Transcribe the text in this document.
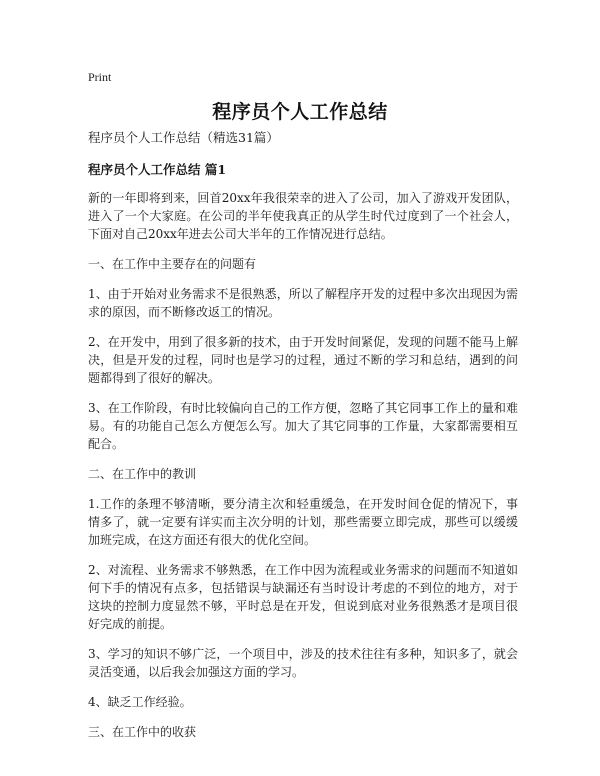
Print
程序员个人工作总结
程序员个人工作总结（精选31篇）
程序员个人工作总结 篇1

新的一年即将到来，回首20xx年我很荣幸的进入了公司，加入了游戏开发团队，进入了一个大家庭。在公司的半年使我真正的从学生时代过度到了一个社会人，下面对自己20xx年进去公司大半年的工作情况进行总结。

一、在工作中主要存在的问题有

1、由于开始对业务需求不是很熟悉，所以了解程序开发的过程中多次出现因为需求的原因，而不断修改返工的情况。

2、在开发中，用到了很多新的技术，由于开发时间紧促，发现的问题不能马上解决，但是开发的过程，同时也是学习的过程，通过不断的学习和总结，遇到的问题都得到了很好的解决。

3、在工作阶段，有时比较偏向自己的工作方便，忽略了其它同事工作上的量和难易。有的功能自己怎么方便怎么写。加大了其它同事的工作量，大家都需要相互配合。

二、在工作中的教训

1.工作的条理不够清晰，要分清主次和轻重缓急，在开发时间仓促的情况下，事情多了，就一定要有详实而主次分明的计划，那些需要立即完成，那些可以缓缓加班完成，在这方面还有很大的优化空间。

2、对流程、业务需求不够熟悉，在工作中因为流程或业务需求的问题而不知道如何下手的情况有点多，包括错误与缺漏还有当时设计考虑的不到位的地方，对于这块的控制力度显然不够，平时总是在开发，但说到底对业务很熟悉才是项目很好完成的前提。

3、学习的知识不够广泛，一个项目中，涉及的技术往往有多种，知识多了，就会灵活变通，以后我会加强这方面的学习。

4、缺乏工作经验。

三、在工作中的收获
